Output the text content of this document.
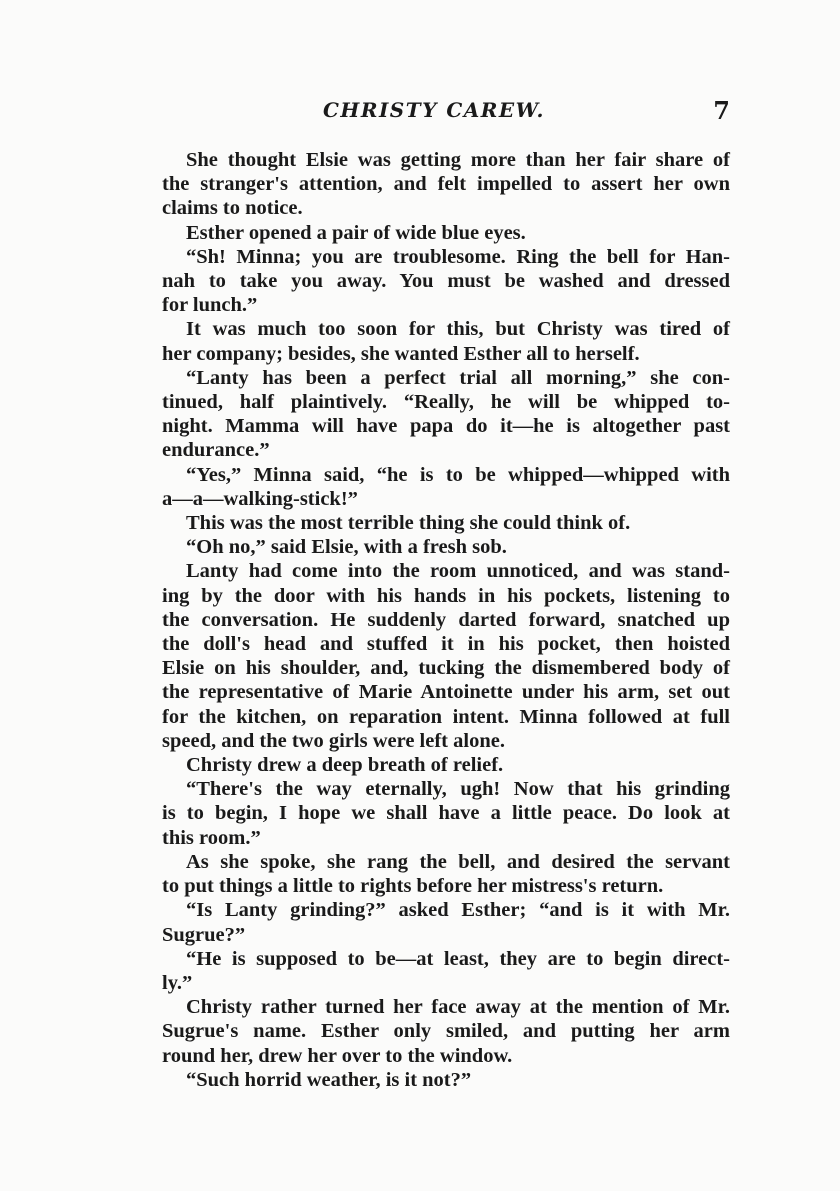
CHRISTY CAREW.	7
She thought Elsie was getting more than her fair share of
the stranger's attention, and felt impelled to assert her own
claims to notice.
Esther opened a pair of wide blue eyes.
“Sh! Minna; you are troublesome. Ring the bell for Han-
nah to take you away. You must be washed and dressed
for lunch.”
It was much too soon for this, but Christy was tired of
her company; besides, she wanted Esther all to herself.
“Lanty has been a perfect trial all morning,” she con-
tinued, half plaintively. “Really, he will be whipped to-
night. Mamma will have papa do it—he is altogether past
endurance.”
“Yes,” Minna said, “he is to be whipped—whipped with
a—a—walking-stick!”
This was the most terrible thing she could think of.
“Oh no,” said Elsie, with a fresh sob.
Lanty had come into the room unnoticed, and was stand-
ing by the door with his hands in his pockets, listening to
the conversation. He suddenly darted forward, snatched up
the doll's head and stuffed it in his pocket, then hoisted
Elsie on his shoulder, and, tucking the dismembered body of
the representative of Marie Antoinette under his arm, set out
for the kitchen, on reparation intent. Minna followed at full
speed, and the two girls were left alone.
Christy drew a deep breath of relief.
“There's the way eternally, ugh! Now that his grinding
is to begin, I hope we shall have a little peace. Do look at
this room.”
As she spoke, she rang the bell, and desired the servant
to put things a little to rights before her mistress's return.
“Is Lanty grinding?” asked Esther; “and is it with Mr.
Sugrue?”
“He is supposed to be—at least, they are to begin direct-
ly.”
Christy rather turned her face away at the mention of Mr.
Sugrue's name. Esther only smiled, and putting her arm
round her, drew her over to the window.
“Such horrid weather, is it not?”
